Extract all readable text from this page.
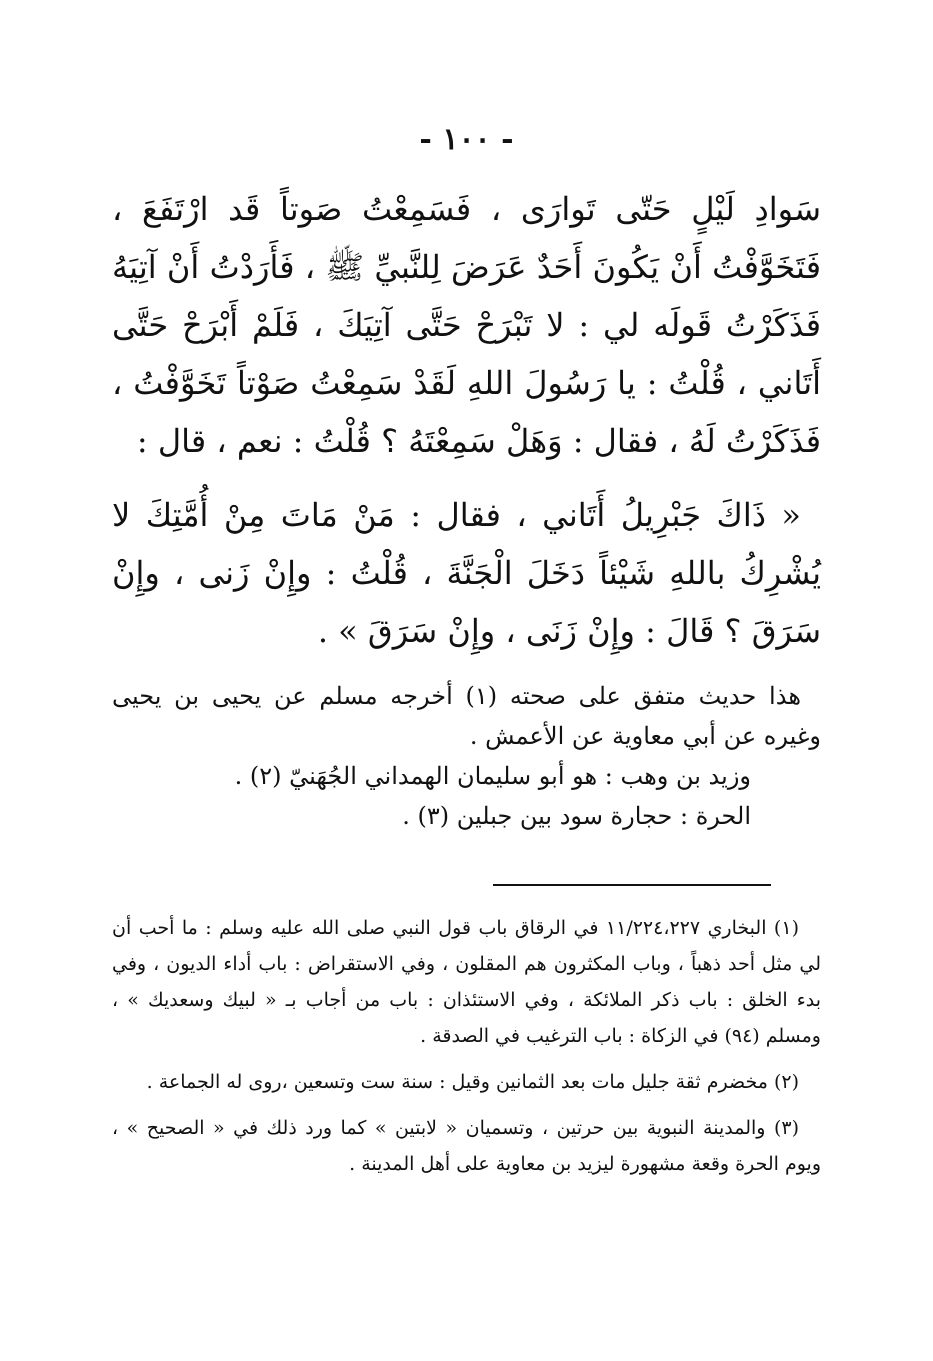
- ١٠٠ -

سَوادِ لَيْلٍ حَتّى تَوارَى ، فَسَمِعْتُ صَوتاً قَد ارْتَفَعَ ، فَتَخَوَّفْتُ أَنْ يَكُونَ أَحَدٌ عَرَضَ لِلنَّبيِّ ﷺ ، فَأَرَدْتُ أَنْ آتِيَهُ فَذَكَرْتُ قَولَه لي : لا تَبْرَحْ حَتَّى آتِيَكَ ، فَلَمْ أَبْرَحْ حَتَّى أَتَاني ، قُلْتُ : يا رَسُولَ اللهِ لَقَدْ سَمِعْتُ صَوْتاً تَخَوَّفْتُ ، فَذَكَرْتُ لَهُ ، فقال : وَهَلْ سَمِعْتَهُ ؟ قُلْتُ : نعم ، قال :

« ذَاكَ جَبْرِيلُ أَتَاني ، فقال : مَنْ مَاتَ مِنْ أُمَّتِكَ لا يُشْرِكُ باللهِ شَيْئاً دَخَلَ الْجَنَّةَ ، قُلْتُ : وإِنْ زَنى ، وإِنْ سَرَقَ ؟ قَالَ : وإِنْ زَنَى ، وإِنْ سَرَقَ » .

هذا حديث متفق على صحته (١) أخرجه مسلم عن يحيى بن يحيى وغيره عن أبي معاوية عن الأعمش .

وزيد بن وهب : هو أبو سليمان الهمداني الجُهَنيّ (٢) .

الحرة : حجارة سود بين جبلين (٣) .

(١) البخاري ١١/٢٢٤،٢٢٧ في الرقاق باب قول النبي صلى الله عليه وسلم : ما أحب أن لي مثل أحد ذهباً ، وباب المكثرون هم المقلون ، وفي الاستقراض : باب أداء الديون ، وفي بدء الخلق : باب ذكر الملائكة ، وفي الاستئذان : باب من أجاب بـ « لبيك وسعديك » ، ومسلم (٩٤) في الزكاة : باب الترغيب في الصدقة .

(٢) مخضرم ثقة جليل مات بعد الثمانين وقيل : سنة ست وتسعين ،روى له الجماعة .

(٣) والمدينة النبوية بين حرتين ، وتسميان « لابتين » كما ورد ذلك في « الصحيح » ، ويوم الحرة وقعة مشهورة ليزيد بن معاوية على أهل المدينة .
